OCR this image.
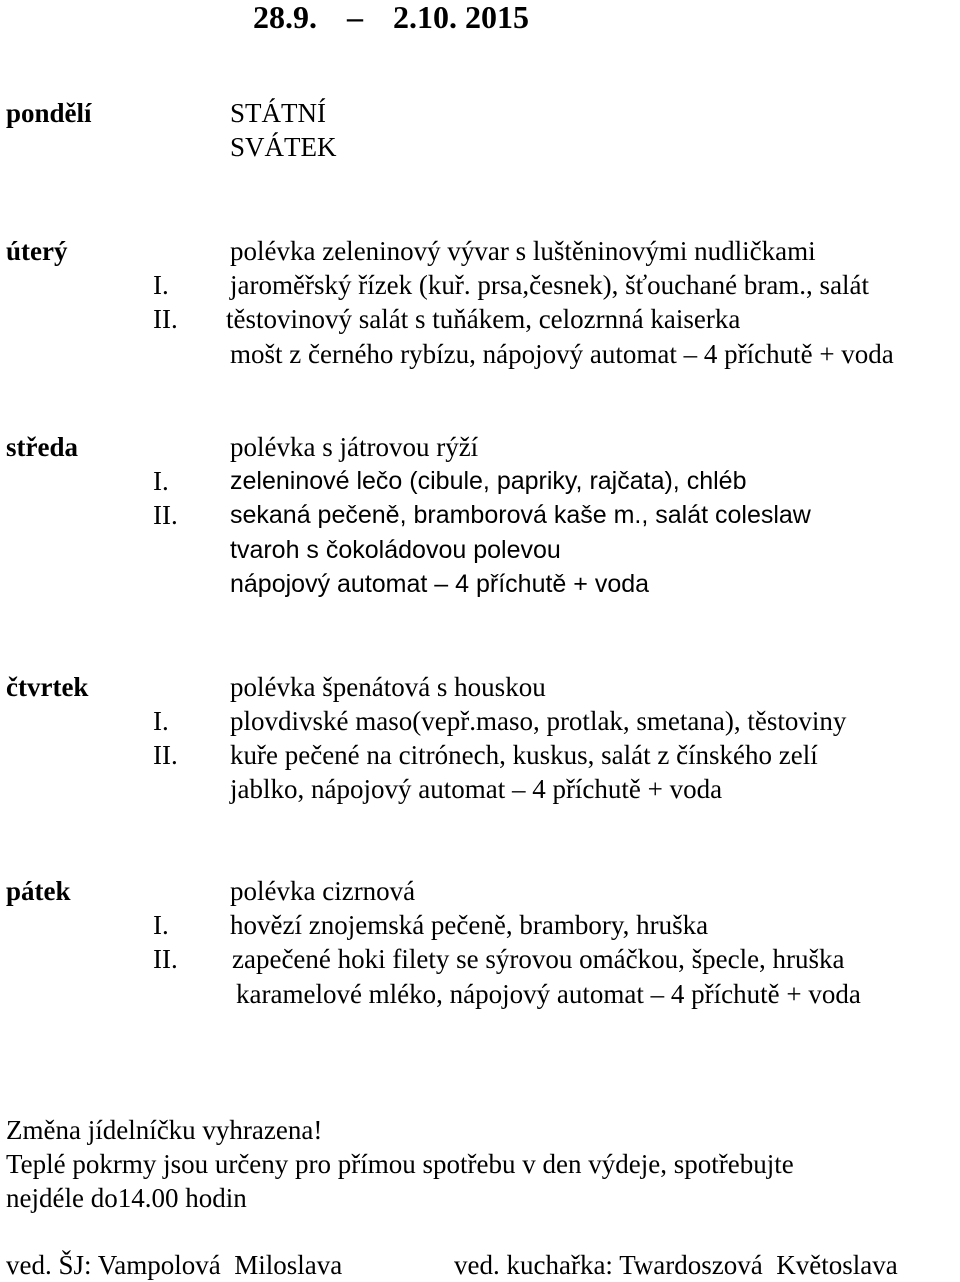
28.9. – 2.10. 2015
pondělí	STÁTNÍ
SVÁTEK
úterý	polévka zeleninový vývar s luštěninovými nudličkami
I. jaroměřský řízek (kuř. prsa,česnek), šťouchané bram., salát
II. těstovinový salát s tuňákem, celozrnná kaiserka
mošt z černého rybízu, nápojový automat – 4 příchutě + voda
středa	polévka s játrovou rýží
I. zeleninové lečo (cibule, papriky, rajčata), chléb
II. sekaná pečeně, bramborová kaše m., salát coleslaw
tvaroh s čokoládovou polevou
nápojový automat – 4 příchutě + voda
čtvrtek	polévka špenátová s houskou
I. plovdivské maso(vepř.maso, protlak, smetana), těstoviny
II. kuře pečené na citrónech, kuskus, salát z čínského zelí
jablko, nápojový automat – 4 příchutě + voda
pátek	polévka cizrnová
I. hovězí znojemská pečeně, brambory, hruška
II. zapečené hoki filety se sýrovou omáčkou, špecle, hruška
karamelové mléko, nápojový automat – 4 příchutě + voda
Změna jídelníčku vyhrazena!
Teplé pokrmy jsou určeny pro přímou spotřebu v den výdeje, spotřebujte
nejdéle do14.00 hodin
ved. ŠJ: Vampolová  Miloslava	ved. kuchařka: Twardoszová  Květoslava
